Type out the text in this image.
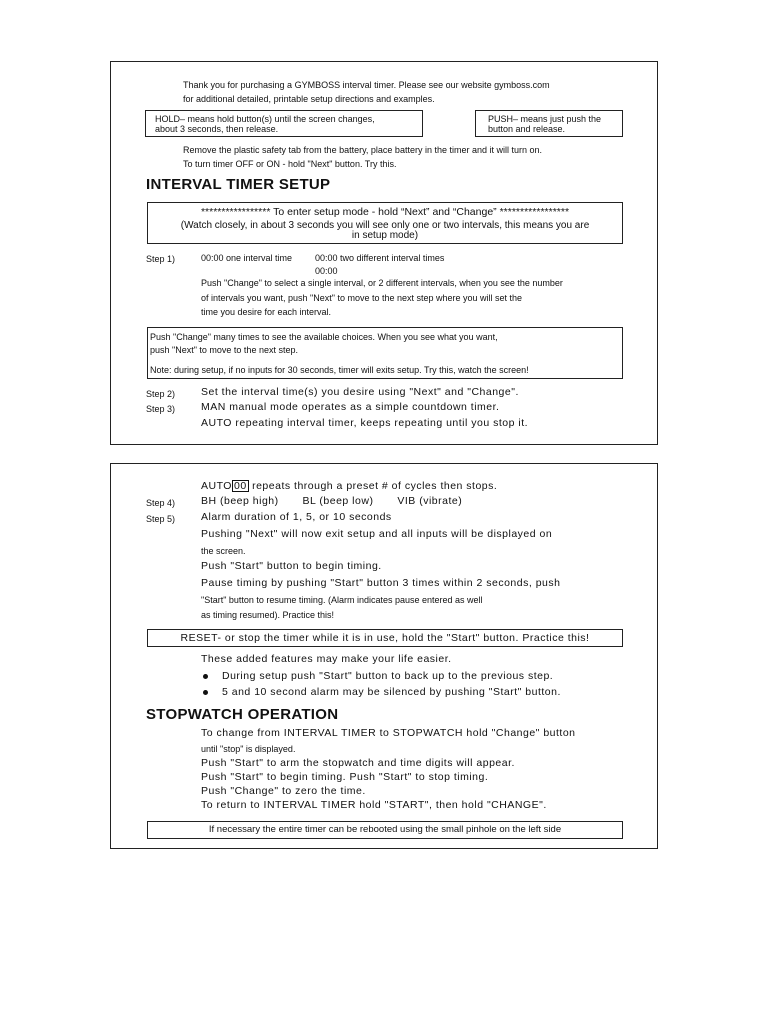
Thank you for purchasing a GYMBOSS interval timer. Please see our website gymboss.com
for additional detailed, printable setup directions and examples.
HOLD– means hold button(s) until the screen changes,
about 3 seconds, then release.
PUSH– means just push the
button and release.
Remove the plastic safety tab from the battery, place battery in the timer and it will turn on.
To turn timer OFF or ON - hold "Next" button. Try this.
INTERVAL TIMER SETUP
***************** To enter setup mode - hold “Next” and “Change” *****************
(Watch closely, in about 3 seconds you will see only one or two intervals, this means you are
in setup mode)
Step 1)	00:00 one interval time	00:00 two different interval times
00:00
Push "Change" to select a single interval, or 2 different intervals, when you see the number
of intervals you want, push "Next" to move to the next step where you will set the
time you desire for each interval.
Push "Change" many times to see the available choices. When you see what you want,
push "Next" to move to the next step.
Note: during setup, if no inputs for 30 seconds, timer will exits setup. Try this, watch the screen!
Step 2) Set the interval time(s) you desire using "Next" and "Change".
Step 3) MAN manual mode operates as a simple countdown timer.
AUTO repeating interval timer, keeps repeating until you stop it.
AUTO 00 repeats through a preset # of cycles then stops.
Step 4) BH (beep high)       BL (beep low)       VIB (vibrate)
Step 5) Alarm duration of 1, 5, or 10 seconds
Pushing "Next" will now exit setup and all inputs will be displayed on
the screen.
Push "Start" button to begin timing.
Pause timing by pushing "Start" button 3 times within 2 seconds, push
"Start" button to resume timing. (Alarm indicates pause entered as well
as timing resumed). Practice this!
RESET- or stop the timer while it is in use, hold the "Start" button. Practice this!
These added features may make your life easier.
During setup push "Start" button to back up to the previous step.
5 and 10 second alarm may be silenced by pushing "Start" button.
STOPWATCH OPERATION
To change from INTERVAL TIMER to STOPWATCH hold "Change" button
until "stop" is displayed.
Push "Start" to arm the stopwatch and time digits will appear.
Push "Start" to begin timing. Push "Start" to stop timing.
Push "Change" to zero the time.
To return to INTERVAL TIMER hold "START", then hold "CHANGE".
If necessary the entire timer can be rebooted using the small pinhole on the left side
